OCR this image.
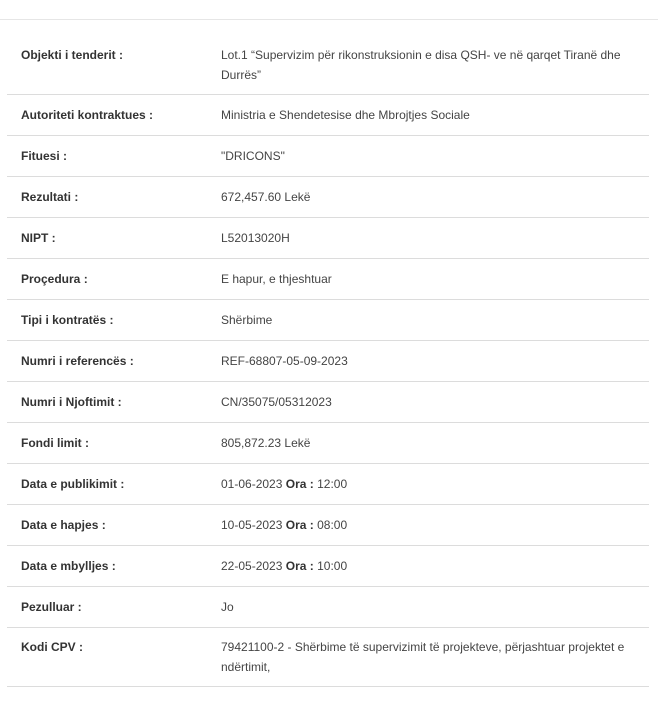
Objekti i tenderit :	Lot.1 “Supervizim për rikonstruksionin e disa QSH- ve në qarqet Tiranë dhe Durrës”
Autoriteti kontraktues :	Ministria e Shendetesise dhe Mbrojtjes Sociale
Fituesi :	"DRICONS"
Rezultati :	672,457.60 Lekë
NIPT :	L52013020H
Proçedura :	E hapur, e thjeshtuar
Tipi i kontratës :	Shërbime
Numri i referencës :	REF-68807-05-09-2023
Numri i Njoftimit :	CN/35075/05312023
Fondi limit :	805,872.23 Lekë
Data e publikimit :	01-06-2023 Ora : 12:00
Data e hapjes :	10-05-2023 Ora : 08:00
Data e mbylljes :	22-05-2023 Ora : 10:00
Pezulluar :	Jo
Kodi CPV :	79421100-2 - Shërbime të supervizimit të projekteve, përjashtuar projektet e ndërtimit,
